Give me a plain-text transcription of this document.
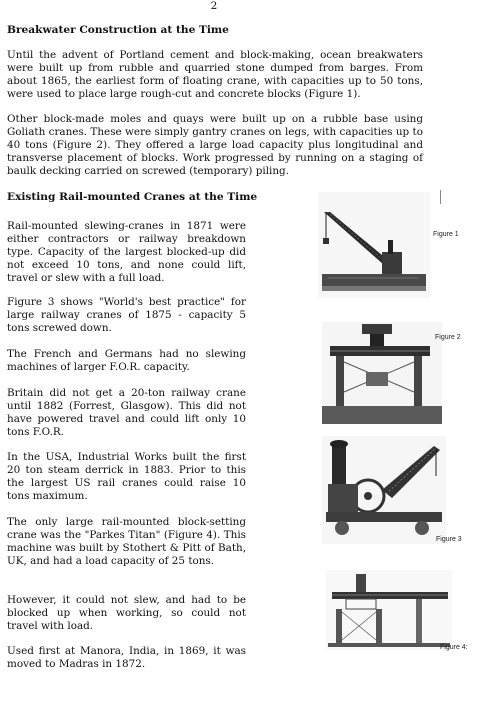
2
Breakwater Construction at the Time

Until the advent of Portland cement and block-making, ocean breakwaters were built up from rubble and quarried stone dumped from barges. From about 1865, the earliest form of floating crane, with capacities up to 50 tons, were used to place large rough-cut and concrete blocks (Figure 1).

Other block-made moles and quays were built up on a rubble base using Goliath cranes. These were simply gantry cranes on legs, with capacities up to 40 tons (Figure 2). They offered a large load capacity plus longitudinal and transverse placement of blocks. Work progressed by running on a staging of baulk decking carried on screwed (temporary) piling.

Existing Rail-mounted Cranes at the Time

Rail-mounted slewing-cranes in 1871 were either contractors or railway breakdown type. Capacity of the largest blocked-up did not exceed 10 tons, and none could lift, travel or slew with a full load.

Figure 3 shows "World's best practice" for large railway cranes of 1875 - capacity 5 tons screwed down.

The French and Germans had no slewing machines of larger F.O.R. capacity.

Britain did not get a 20-ton railway crane until 1882 (Forrest, Glasgow). This did not have powered travel and could lift only 10 tons F.O.R.

In the USA, Industrial Works built the first 20 ton steam derrick in 1883. Prior to this the largest US rail cranes could raise 10 tons maximum.

The only large rail-mounted block-setting crane was the "Parkes Titan" (Figure 4). This machine was built by Stothert & Pitt of Bath, UK, and had a load capacity of 25 tons.

However, it could not slew, and had to be blocked up when working, so could not travel with load.

Used first at Manora, India, in 1869, it was moved to Madras in 1872.

Figure 1
Figure 2
Figure 3
Figure 4:
